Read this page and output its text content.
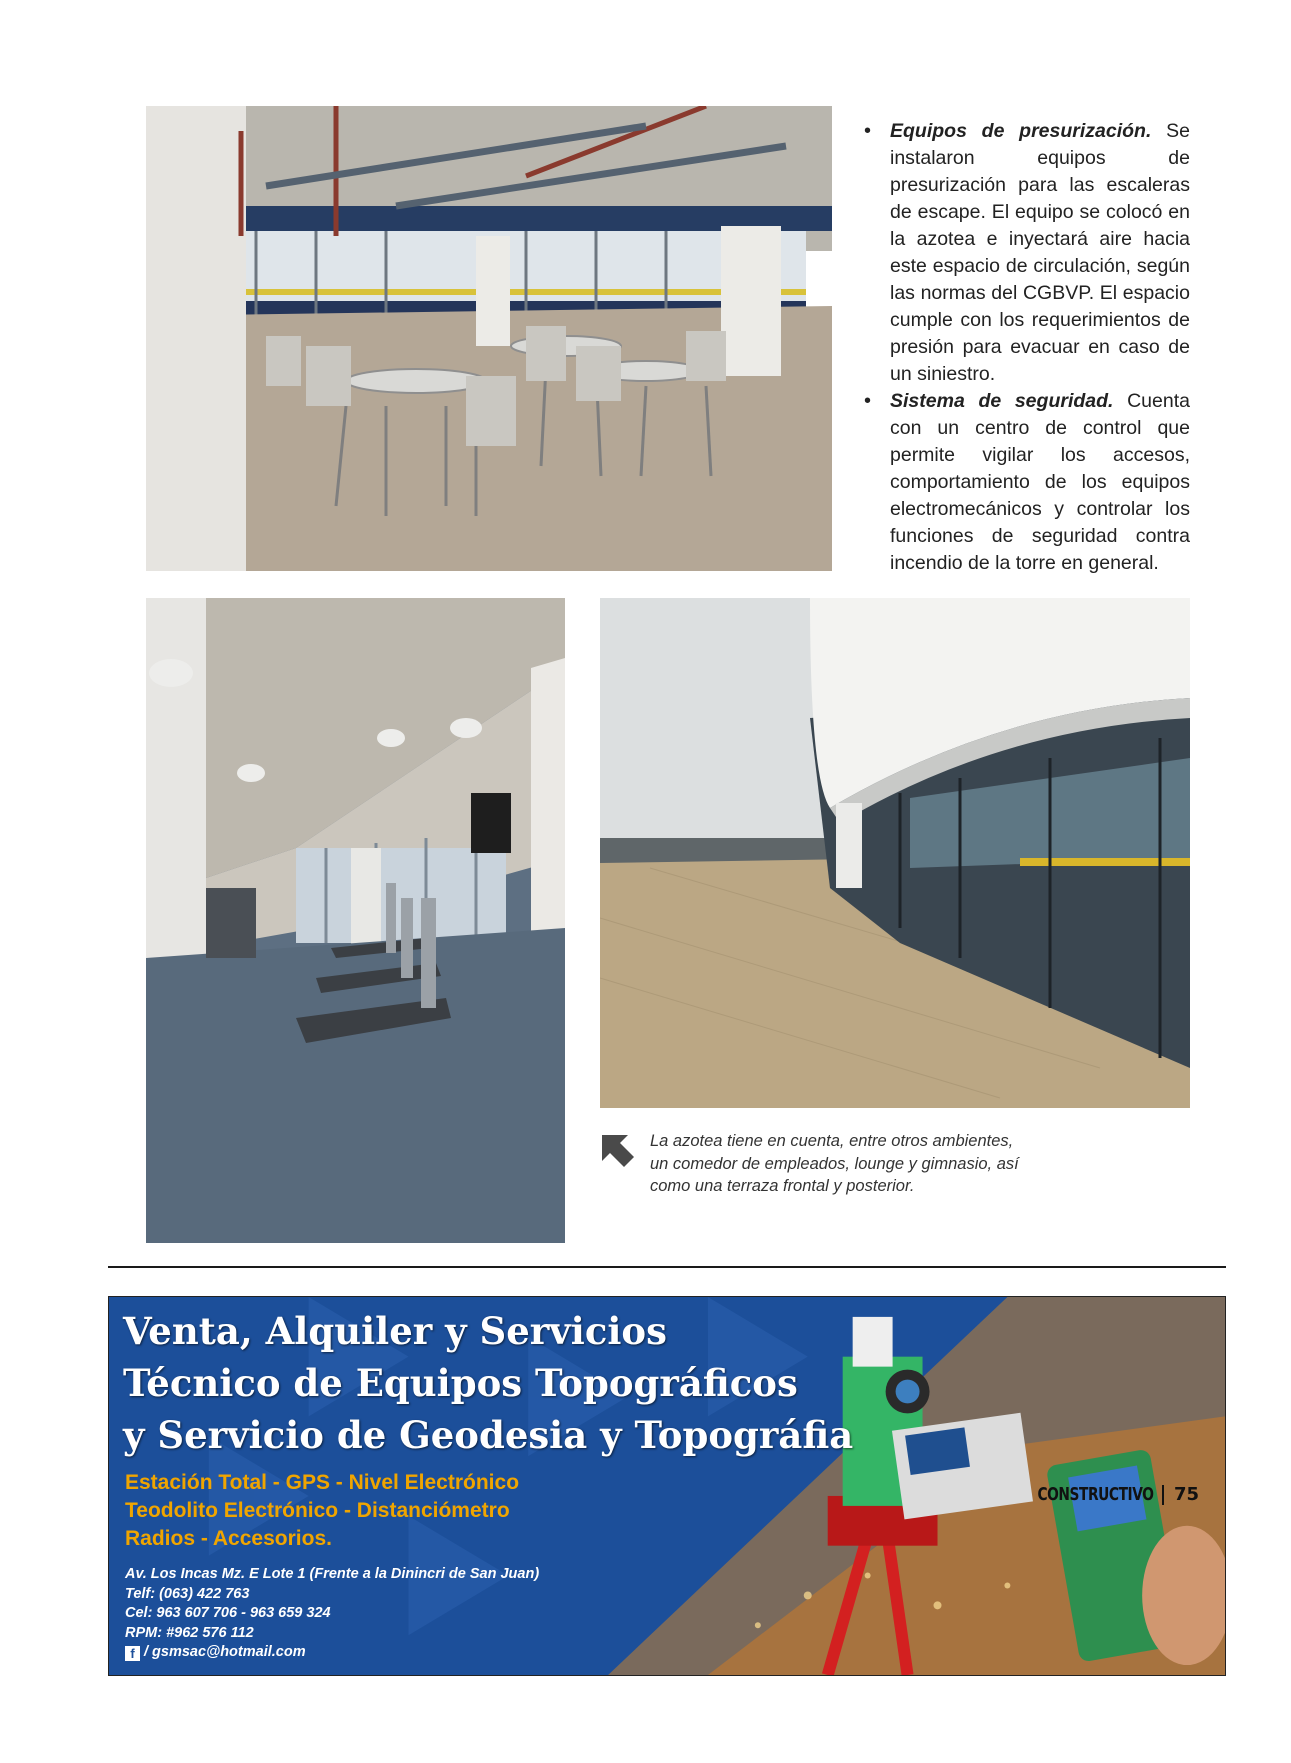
• Equipos de presurización. Se instalaron equipos de presurización para las escaleras de escape. El equipo se colocó en la azotea e inyectará aire hacia este espacio de circulación, según las normas del CGBVP. El espacio cumple con los requerimientos de presión para evacuar en caso de un siniestro.
• Sistema de seguridad. Cuenta con un centro de control que permite vigilar los accesos, comportamiento de los equipos electromecánicos y controlar los funciones de seguridad contra incendio de la torre en general.
La azotea tiene en cuenta, entre otros ambientes, un comedor de empleados, lounge y gimnasio, así como una terraza frontal y posterior.
Venta, Alquiler y Servicios
Técnico de Equipos Topográficos
y Servicio de Geodesia y Topográfia
Estación Total - GPS - Nivel Electrónico
Teodolito Electrónico - Distanciómetro
Radios - Accesorios.
Av. Los Incas Mz. E Lote 1 (Frente a la Dinincri de San Juan)
Telf: (063) 422 763
Cel: 963 607 706 - 963 659 324
RPM: #962 576 112
f / gsmsac@hotmail.com
CONSTRUCTIVO 75
